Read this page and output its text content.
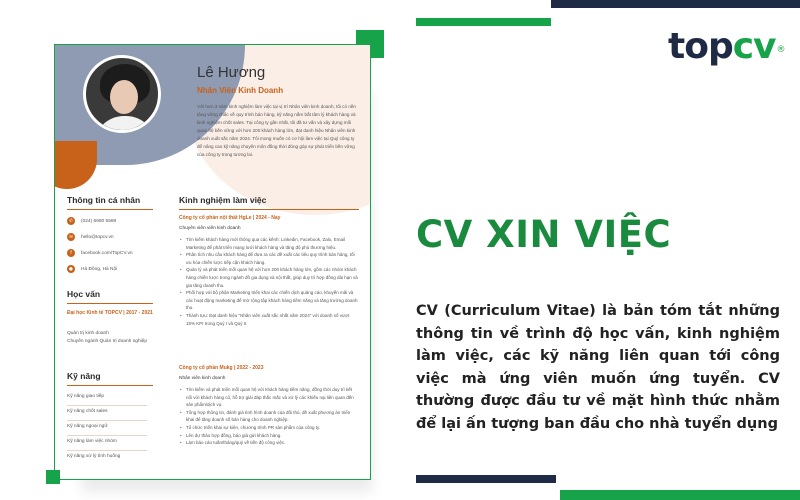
topcv ®
CV XIN VIỆC

CV (Curriculum Vitae) là bản tóm tắt những thông tin về trình độ học vấn, kinh nghiệm làm việc, các kỹ năng liên quan tới công việc mà ứng viên muốn ứng tuyển. CV thường được đầu tư về mặt hình thức nhằm để lại ấn tượng ban đầu cho nhà tuyển dụng

Lê Hương
Nhân Viên Kinh Doanh
Với hơn 3 năm kinh nghiệm làm việc tại vị trí Nhân viên kinh doanh, tôi có nền tảng vững chắc về quy trình bán hàng, kỹ năng nắm bắt tâm lý khách hàng và kinh nghiệm chốt sales. Tại công ty gần nhất, tôi đã tư vấn và xây dựng mối quan hệ bền vững với hơn 200 khách hàng lớn, đạt danh hiệu Nhân viên kinh doanh xuất sắc năm 2024. Tôi mong muốn có cơ hội làm việc tại Quý công ty để nâng cao kỹ năng chuyên môn đồng thời đóng góp sự phát triển bền vững của công ty trong tương lai.
Thông tin cá nhân
✆	(024) 6680 5588
✉	hello@topcv.vn
f	facebook.com/TopCV.vn
●	Hà Đông, Hà Nội
Học vấn
Đại học Kinh tế TOPCV | 2017 - 2021
Quản trị kinh doanh
Chuyên ngành Quản trị doanh nghiệp
Kỹ năng
Kỹ năng giao tiếp
Kỹ năng chốt sales
Kỹ năng ngoại ngữ
Kỹ năng làm việc nhóm
Kỹ năng xử lý tình huống
Kinh nghiệm làm việc
Công ty cổ phần nội thất HgLe | 2024 - Nay
Chuyên viên viên kinh doanh
• Tìm kiếm khách hàng mới thông qua các kênh: Linkedin, Facebook, Zalo, Email Marketing để phát triển mạng lưới khách hàng và tăng độ phủ thương hiệu.
• Phân tích nhu cầu khách hàng để đưa ra các đề xuất các tiêu quy trình bán hàng, tối ưu hóa chiến lược tiếp cận khách hàng.
• Quản lý và phát triển mối quan hệ với hơn 200 khách hàng lớn, gồm các nhóm khách hàng chiến lược trong ngành đồ gia dụng và nội thất, giúp duy trì hợp đồng dài hạn và gia tăng doanh thu.
• Phối hợp với bộ phận Marketing triển khai các chiến dịch quảng cáo, khuyến mãi và các hoạt động marketing để mở rộng tập khách hàng tiềm năng và tăng trưởng doanh thu.
• Thành tựu: Đạt danh hiệu "Nhân viên xuất sắc nhất năm 2024" với doanh số vượt 15% KPI trong Quý I và Quý II.
Công ty cổ phần Mukg | 2022 - 2023
Nhân viên kinh doanh
• Tìm kiếm và phát triển mối quan hệ với khách hàng tiềm năng, đồng thời duy trì kết nối với khách hàng cũ, hỗ trợ giải đáp thắc mắc và xử lý các khiếu nại liên quan đến sản phẩm/dịch vụ.
• Tổng hợp thông tin, đánh giá tình hình doanh của đối thủ, đề xuất phương án triển khai để tăng doanh số bán hàng cho doanh nghiệp.
• Tổ chức triển khai sự kiện, chương trình PR sản phẩm của công ty.
• Lên dự thảo hợp đồng, báo giá gửi khách hàng.
• Làm báo cáo tuần/tháng/quý về tiến độ công việc.
